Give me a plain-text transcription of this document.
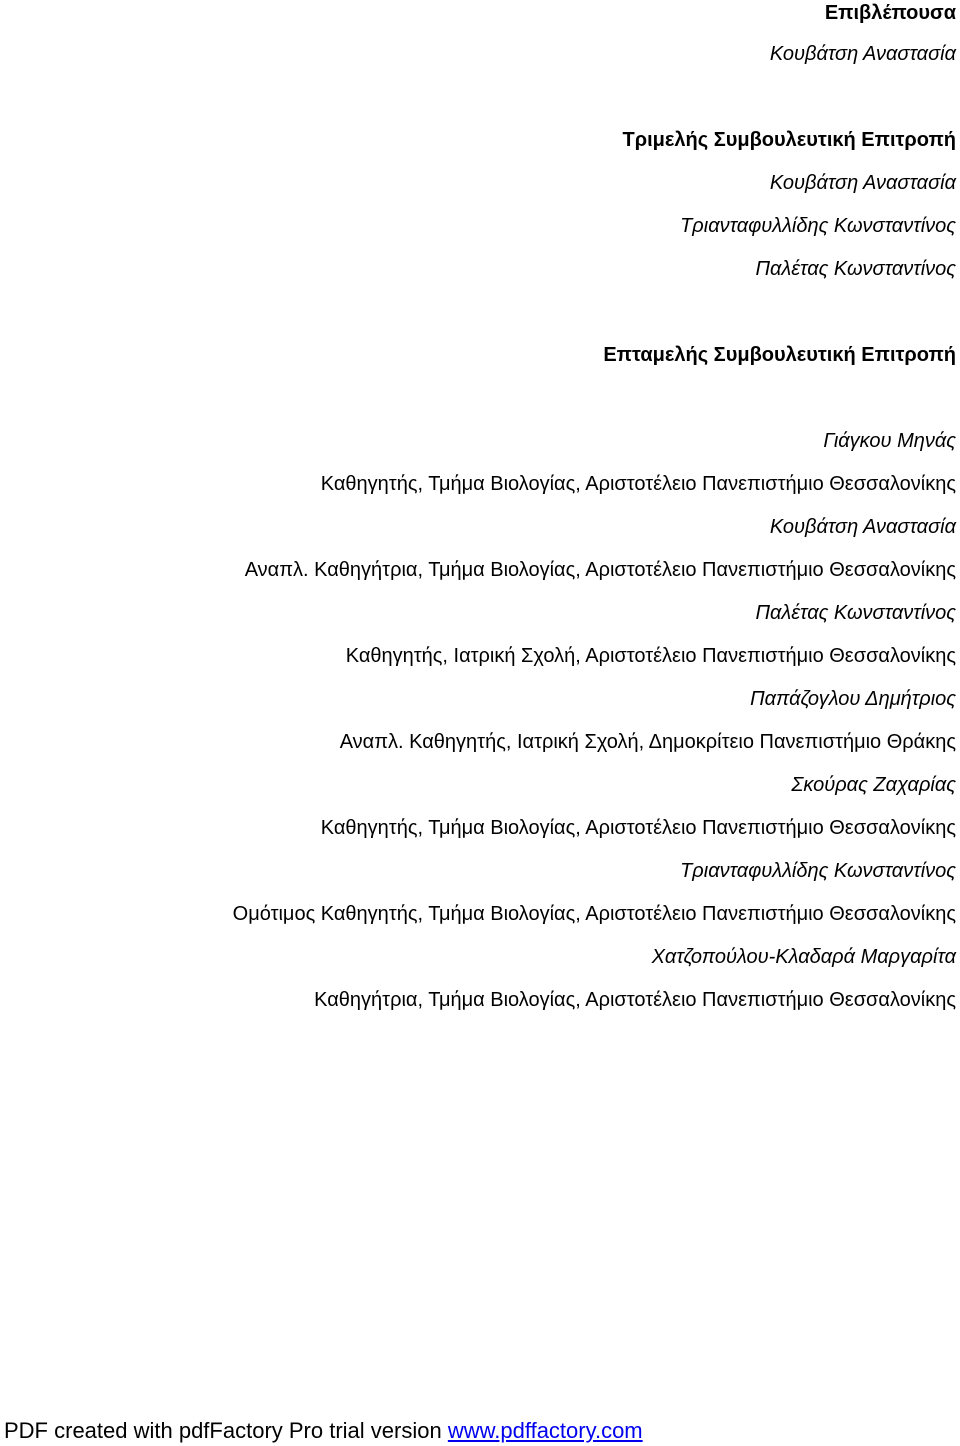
Επιβλέπουσα
Κουβάτση Αναστασία
Τριμελής Συμβουλευτική Επιτροπή
Κουβάτση Αναστασία
Τριανταφυλλίδης Κωνσταντίνος
Παλέτας Κωνσταντίνος
Επταμελής Συμβουλευτική Επιτροπή
Γιάγκου Μηνάς
Καθηγητής, Τμήμα Βιολογίας, Αριστοτέλειο Πανεπιστήμιο Θεσσαλονίκης
Κουβάτση Αναστασία
Αναπλ. Καθηγήτρια, Τμήμα Βιολογίας, Αριστοτέλειο Πανεπιστήμιο Θεσσαλονίκης
Παλέτας Κωνσταντίνος
Καθηγητής, Ιατρική Σχολή, Αριστοτέλειο Πανεπιστήμιο Θεσσαλονίκης
Παπάζογλου Δημήτριος
Αναπλ. Καθηγητής, Ιατρική Σχολή, Δημοκρίτειο Πανεπιστήμιο Θράκης
Σκούρας Ζαχαρίας
Καθηγητής, Τμήμα Βιολογίας, Αριστοτέλειο Πανεπιστήμιο Θεσσαλονίκης
Τριανταφυλλίδης Κωνσταντίνος
Ομότιμος Καθηγητής, Τμήμα Βιολογίας, Αριστοτέλειο Πανεπιστήμιο Θεσσαλονίκης
Χατζοπούλου-Κλαδαρά Μαργαρίτα
Καθηγήτρια, Τμήμα Βιολογίας, Αριστοτέλειο Πανεπιστήμιο Θεσσαλονίκης
PDF created with pdfFactory Pro trial version www.pdffactory.com
